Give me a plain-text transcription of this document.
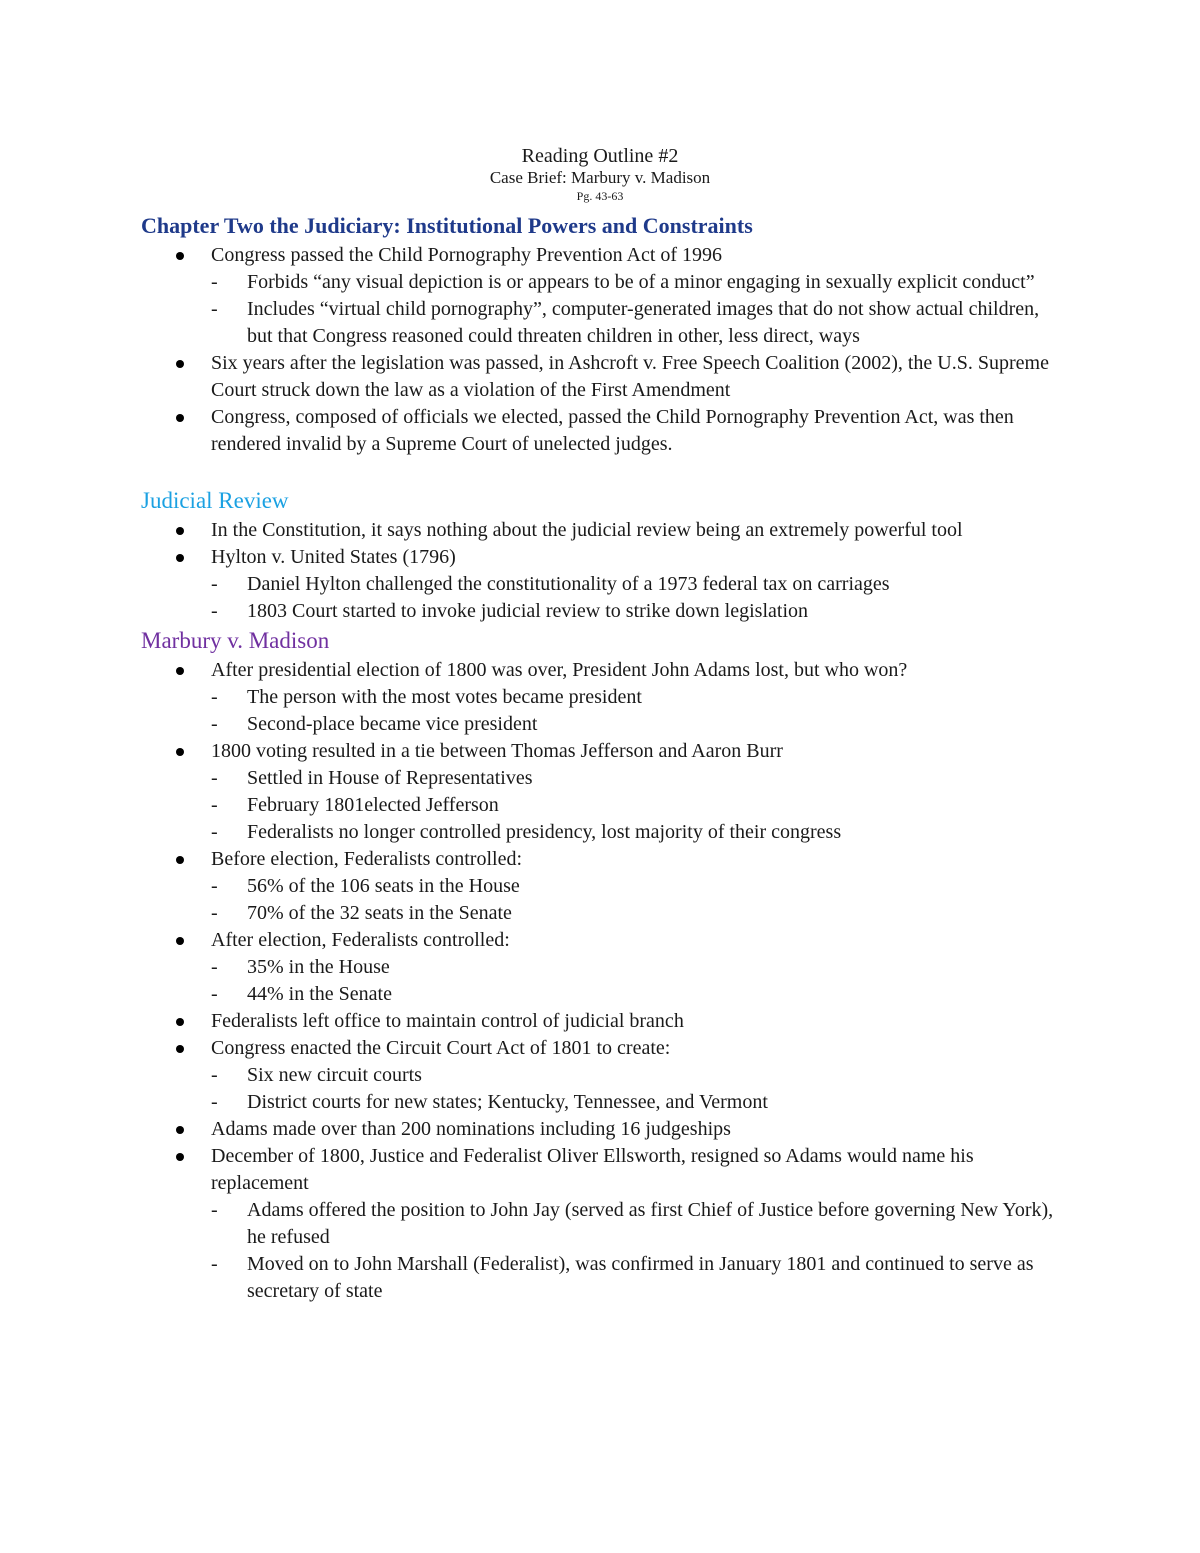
Reading Outline #2
Case Brief: Marbury v. Madison
Pg. 43-63
Chapter Two the Judiciary: Institutional Powers and Constraints
Congress passed the Child Pornography Prevention Act of 1996
- Forbids “any visual depiction is or appears to be of a minor engaging in sexually explicit conduct”
- Includes “virtual child pornography”, computer-generated images that do not show actual children, but that Congress reasoned could threaten children in other, less direct, ways
Six years after the legislation was passed, in Ashcroft v. Free Speech Coalition (2002), the U.S. Supreme Court struck down the law as a violation of the First Amendment
Congress, composed of officials we elected, passed the Child Pornography Prevention Act, was then rendered invalid by a Supreme Court of unelected judges.
Judicial Review
In the Constitution, it says nothing about the judicial review being an extremely powerful tool
Hylton v. United States (1796)
- Daniel Hylton challenged the constitutionality of a 1973 federal tax on carriages
- 1803 Court started to invoke judicial review to strike down legislation
Marbury v. Madison
After presidential election of 1800 was over, President John Adams lost, but who won?
- The person with the most votes became president
- Second-place became vice president
1800 voting resulted in a tie between Thomas Jefferson and Aaron Burr
- Settled in House of Representatives
- February 1801elected Jefferson
- Federalists no longer controlled presidency, lost majority of their congress
Before election, Federalists controlled:
- 56% of the 106 seats in the House
- 70% of the 32 seats in the Senate
After election, Federalists controlled:
- 35% in the House
- 44% in the Senate
Federalists left office to maintain control of judicial branch
Congress enacted the Circuit Court Act of 1801 to create:
- Six new circuit courts
- District courts for new states; Kentucky, Tennessee, and Vermont
Adams made over than 200 nominations including 16 judgeships
December of 1800, Justice and Federalist Oliver Ellsworth, resigned so Adams would name his replacement
- Adams offered the position to John Jay (served as first Chief of Justice before governing New York), he refused
- Moved on to John Marshall (Federalist), was confirmed in January 1801 and continued to serve as secretary of state
